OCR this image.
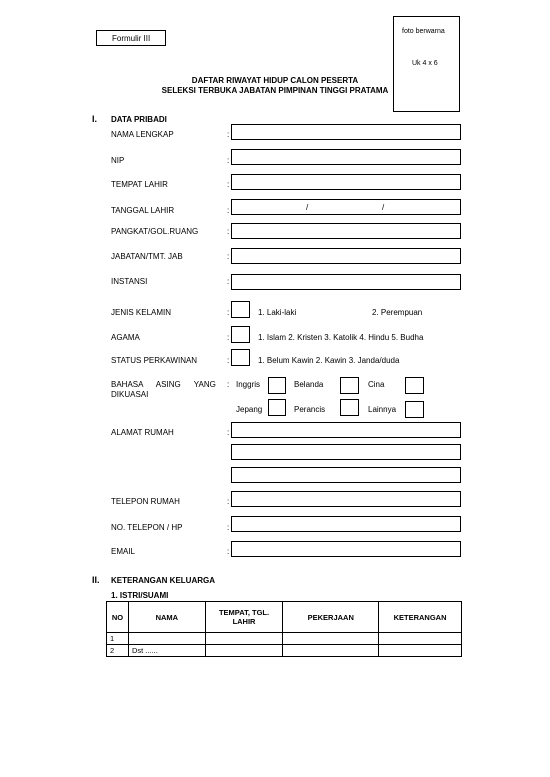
Formulir III
foto berwarna
Uk 4 x 6
DAFTAR RIWAYAT HIDUP CALON PESERTA
SELEKSI TERBUKA JABATAN PIMPINAN TINGGI PRATAMA
I. DATA PRIBADI
NAMA LENGKAP	:
NIP	:
TEMPAT LAHIR	:
TANGGAL LAHIR	:	/	/
PANGKAT/GOL.RUANG	:
JABATAN/TMT. JAB	:
INSTANSI	:
JENIS KELAMIN	:	1. Laki-laki	2. Perempuan
AGAMA	:	1. Islam 2. Kristen 3. Katolik 4. Hindu 5. Budha
STATUS PERKAWINAN	:	1. Belum Kawin 2. Kawin 3. Janda/duda
BAHASA ASING YANG
DIKUASAI
: Inggris	Belanda	Cina
Jepang	Perancis	Lainnya
ALAMAT RUMAH	:
TELEPON RUMAH	:
NO. TELEPON / HP	:
EMAIL	:
II. KETERANGAN KELUARGA
1. ISTRI/SUAMI
NO	NAMA	TEMPAT, TGL. LAHIR	PEKERJAAN	KETERANGAN
1				
2	Dst ......			
